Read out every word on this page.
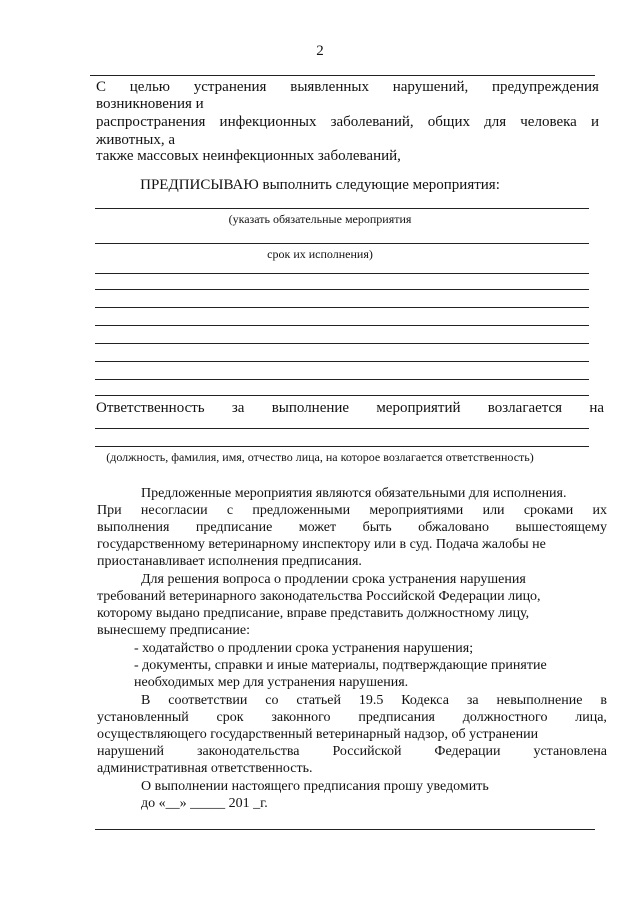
2
С целью устранения выявленных нарушений, предупреждения
возникновения и
распространения инфекционных заболеваний, общих для человека и
животных, а
также массовых неинфекционных заболеваний,
ПРЕДПИСЫВАЮ выполнить следующие мероприятия:
(указать обязательные мероприятия
срок их исполнения)
Ответственность за выполнение мероприятий возлагается на
(должность, фамилия, имя, отчество лица, на которое возлагается ответственность)
Предложенные мероприятия являются обязательными для исполнения.
При несогласии с предложенными мероприятиями или сроками их
выполнения предписание может быть обжаловано вышестоящему
государственному ветеринарному инспектору или в суд. Подача жалобы не
приостанавливает исполнения предписания.
Для решения вопроса о продлении срока устранения нарушения
требований ветеринарного законодательства Российской Федерации лицо,
которому выдано предписание, вправе представить должностному лицу,
вынесшему предписание:
- ходатайство о продлении срока устранения нарушения;
- документы, справки и иные материалы, подтверждающие принятие
необходимых мер для устранения нарушения.
В соответствии со статьей 19.5 Кодекса за невыполнение в
установленный срок законного предписания должностного лица,
осуществляющего государственный ветеринарный надзор, об устранении
нарушений законодательства Российской Федерации установлена
административная ответственность.
О выполнении настоящего предписания прошу уведомить
до «__» _____ 201 _г.
